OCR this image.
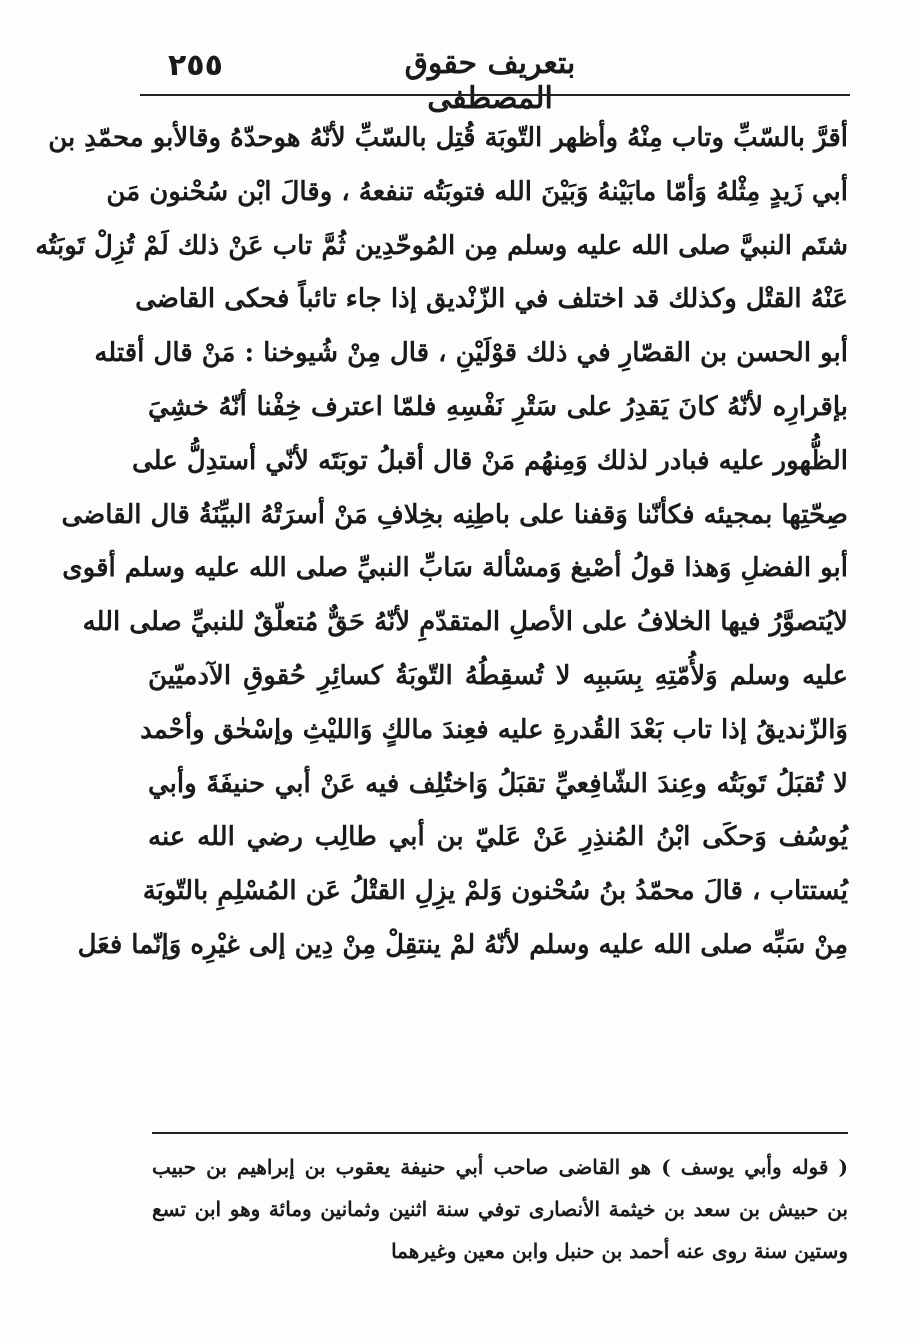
٢٥٥	بتعريف حقوق المصطفى
أقرَّ بالسّبِّ وتاب مِنْهُ وأظهر التّوبَة قُتِل بالسّبِّ لأنّهُ هوحدّهُ وقالأبو محمّدِ بن
أبي زَيدٍ مِثْلهُ وَأمّا مابَيْنهُ وَبَيْنَ الله فتوبَتُه تنفعهُ ، وقالَ ابْن سُحْنون مَن
شتَم النبيَّ صلى الله عليه وسلم مِن المُوحّدِين ثُمَّ تاب عَنْ ذلك لَمْ تُزِلْ تَوبَتُه
عَنْهُ القتْل وكذلك قد اختلف في الزّنْديق إذا جاء تائباً فحكى القاضى
أبو الحسن بن القصّارِ في ذلك قوْلَيْنِ ، قال مِنْ شُيوخنا : مَنْ قال أقتله
بإقرارِه لأنّهُ كانَ يَقدِرُ على سَتْرِ نَفْسِهِ فلمّا اعترف خِفْنا أنّهُ خشِيَ
الظُّهور عليه فبادر لذلك وَمِنهُم مَنْ قال أقبلُ توبَتَه لأنّي أستدِلُّ على
صِحّتِها بمجيئه فكأنّنا وَقفنا على باطِنِه بخِلافِ مَنْ أسرَتْهُ البيِّنَةُ قال القاضى
أبو الفضلِ وَهذا قولُ أصْبغ وَمسْألة سَابِّ النبيِّ صلى الله عليه وسلم أقوى
لايُتصوَّرُ فيها الخلافُ على الأصلِ المتقدّمِ لأنّهُ حَقٌّ مُتعلّقٌ للنبيِّ صلى الله
عليه وسلم وَلأُمّتِهِ بِسَببِه لا تُسقِطُهُ التّوبَةُ كسائِرِ حُقوقِ الآدميّينَ
وَالزّنديقُ إذا تاب بَعْدَ القُدرةِ عليه فعِندَ مالكٍ وَالليْثِ وإسْحٰق وأحْمد
لا تُقبَلُ تَوبَتُه وعِندَ الشّافِعيِّ تقبَلُ وَاختُلِف فيه عَنْ أبي حنيفَةَ وأبي
يُوسُف وَحكَى ابْنُ المُنذِرِ عَنْ عَليّ بن أبي طالِب رضي الله عنه
يُستتاب ، قالَ محمّدُ بنُ سُحْنون وَلمْ يزِلِ القتْلُ عَن المُسْلِمِ بالتّوبَة
مِنْ سَبِّه صلى الله عليه وسلم لأنّهُ لمْ ينتقِلْ مِنْ دِين إلى غيْرِه وَإنّما فعَل
( قوله وأبي يوسف ) هو القاضى صاحب أبي حنيفة يعقوب بن إبراهيم بن حبيب
بن حبيش بن سعد بن خيثمة الأنصارى توفي سنة اثنين وثمانين ومائة وهو ابن تسع
وستين سنة روى عنه أحمد بن حنبل وابن معين وغيرهما
